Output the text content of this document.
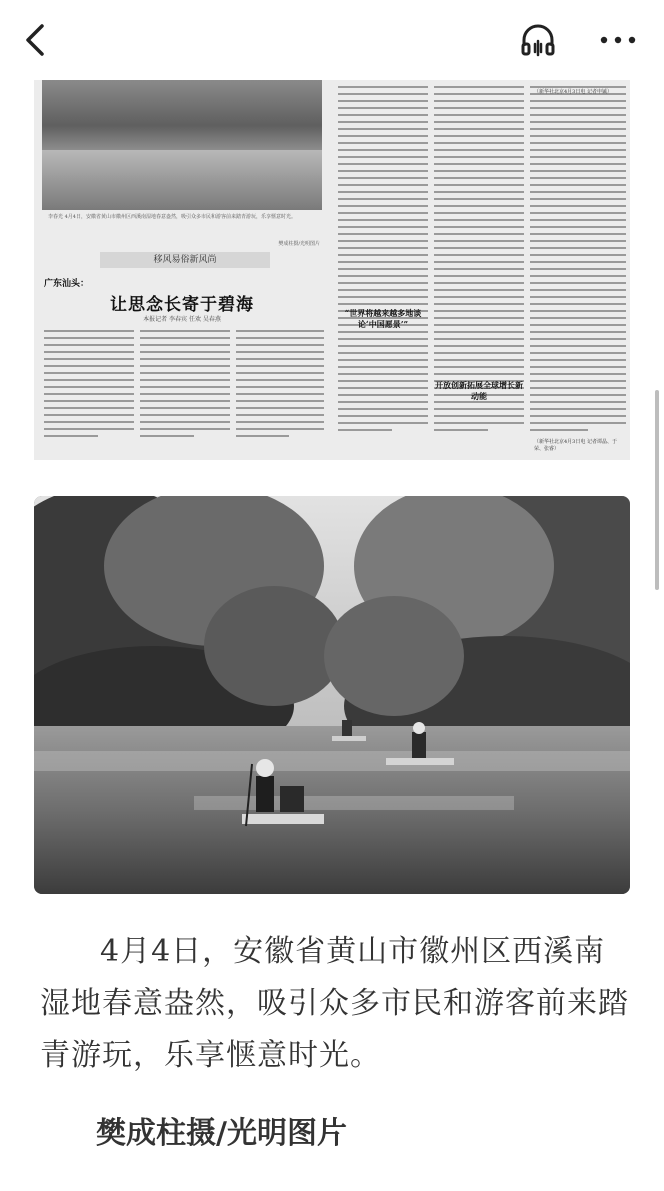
李春光 4月4日，安徽省黄山市徽州区西溪南湿地春意盎然，吸引众多市民和游客前来踏青游玩，乐享惬意时光。
樊成柱摄/光明图片
移风易俗新风尚
广东汕头：
让思念长寄于碧海
本报记者 李春宾 任欢 吴春燕
“世界将越来越多地谈论‘中国愿景’”
开放创新拓展全球增长新动能
（新华社北京4月3日电 记者申铖）
（新华社北京4月3日电 记者谭晶、于荣、张睿）
4月4日，安徽省黄山市徽州区西溪南湿地春意盎然，吸引众多市民和游客前来踏青游玩，乐享惬意时光。
樊成柱摄/光明图片
